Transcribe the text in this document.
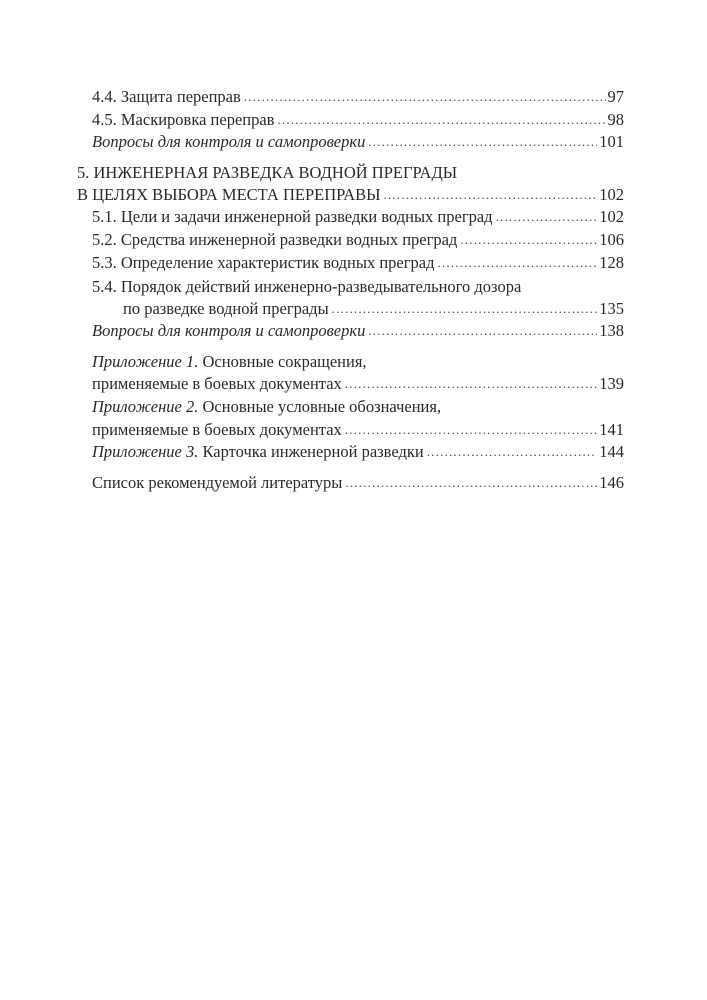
4.4. Защита переправ .....	97
4.5. Маскировка переправ .....	98
Вопросы для контроля и самопроверки .....	101
5. ИНЖЕНЕРНАЯ РАЗВЕДКА ВОДНОЙ ПРЕГРАДЫ
В ЦЕЛЯХ ВЫБОРА МЕСТА ПЕРЕПРАВЫ .....	102
5.1. Цели и задачи инженерной разведки водных преград .....	102
5.2. Средства инженерной разведки водных преград .....	106
5.3. Определение характеристик водных преград .....	128
5.4. Порядок действий инженерно-разведывательного дозора
по разведке водной преграды .....	135
Вопросы для контроля и самопроверки .....	138
Приложение 1. Основные сокращения,
применяемые в боевых документах .....	139
Приложение 2. Основные условные обозначения,
применяемые в боевых документах .....	141
Приложение 3. Карточка инженерной разведки .....	144
Список рекомендуемой литературы .....	146
